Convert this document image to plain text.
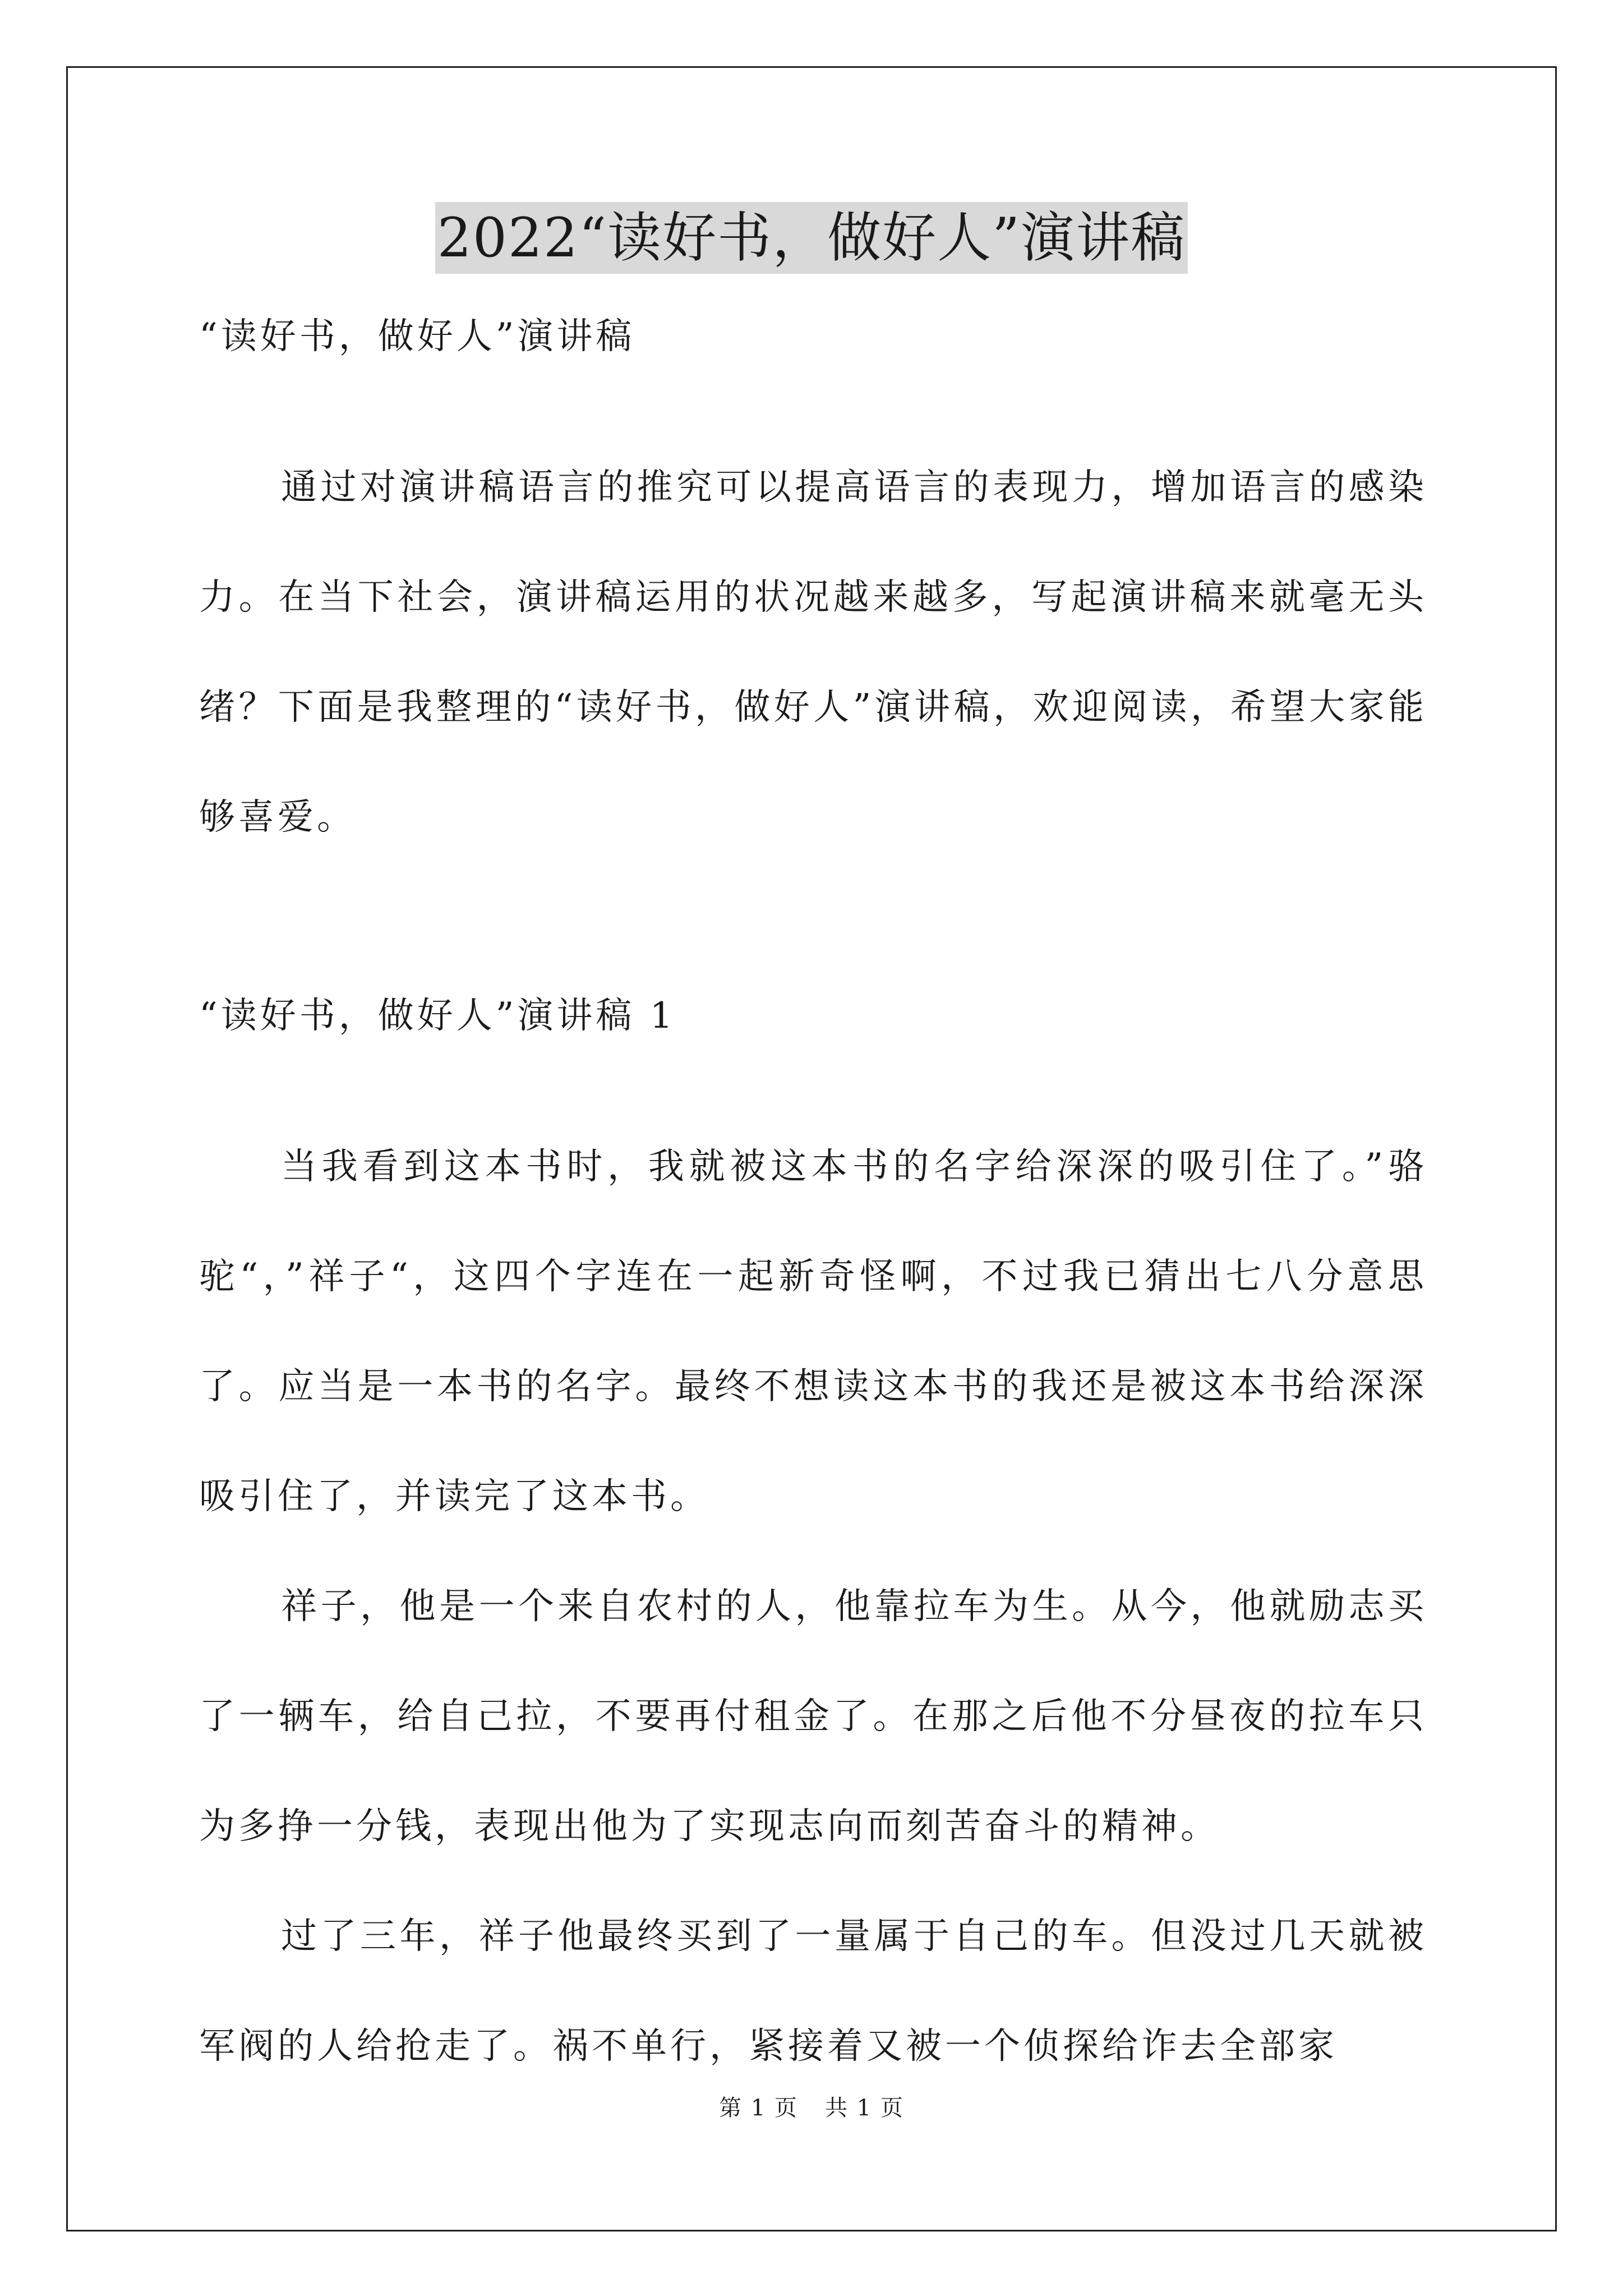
2022“读好书，做好人”演讲稿
“读好书，做好人”演讲稿

通过对演讲稿语言的推究可以提高语言的表现力，增加语言的感染力。在当下社会，演讲稿运用的状况越来越多，写起演讲稿来就毫无头绪？下面是我整理的“读好书，做好人”演讲稿，欢迎阅读，希望大家能够喜爱。

“读好书，做好人”演讲稿 1

当我看到这本书时，我就被这本书的名字给深深的吸引住了。”骆驼“，”祥子“，这四个字连在一起新奇怪啊，不过我已猜出七八分意思了。应当是一本书的名字。最终不想读这本书的我还是被这本书给深深吸引住了，并读完了这本书。

祥子，他是一个来自农村的人，他靠拉车为生。从今，他就励志买了一辆车，给自己拉，不要再付租金了。在那之后他不分昼夜的拉车只为多挣一分钱，表现出他为了实现志向而刻苦奋斗的精神。

过了三年，祥子他最终买到了一量属于自己的车。但没过几天就被军阀的人给抢走了。祸不单行，紧接着又被一个侦探给诈去全部家

第 1 页 共 1 页
